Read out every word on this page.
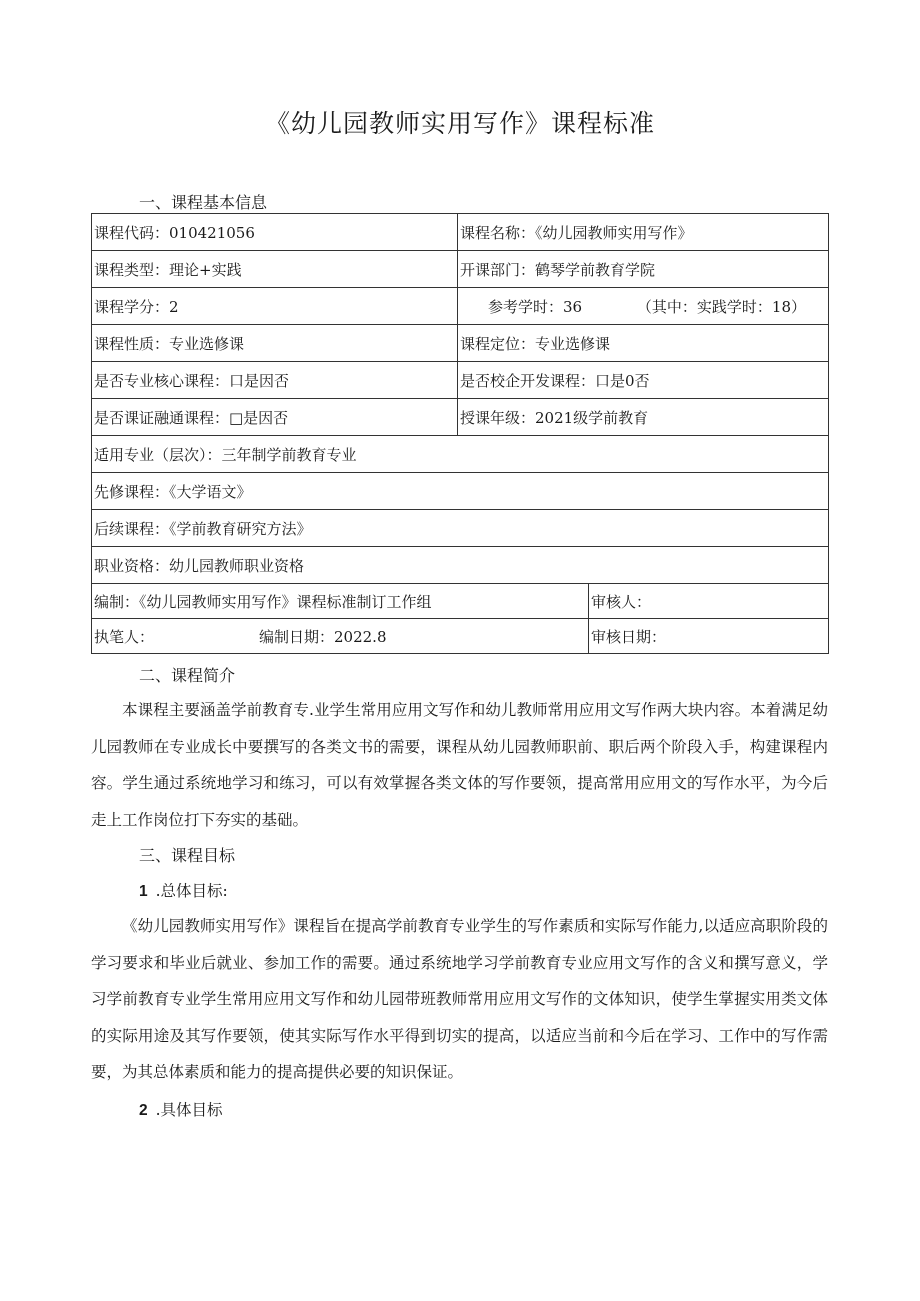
《幼儿园教师实用写作》课程标准
一、课程基本信息
课程代码：010421056	课程名称：《幼儿园教师实用写作》	
课程类型：理论+实践	开课部门：鹤琴学前教育学院	
课程学分：2	参考学时：36 （其中：实践学时：18）	

课程性质：专业选修课	课程定位：专业选修课	
是否专业核心课程：口是因否	是否校企开发课程：口是0否	
是否课证融通课程：□是因否	授课年级：2021级学前教育	
适用专业（层次）：三年制学前教育专业		
先修课程：《大学语文》		
后续课程：《学前教育研究方法》		
职业资格：幼儿园教师职业资格		
编制：《幼儿园教师实用写作》课程标准制订工作组		审核人：

执笔人： 编制日期：2022.8		审核日期：
二、课程简介

本课程主要涵盖学前教育专.业学生常用应用文写作和幼儿教师常用应用文写作两大块内容。本着满足幼儿园教师在专业成长中要撰写的各类文书的需要，课程从幼儿园教师职前、职后两个阶段入手，构建课程内容。学生通过系统地学习和练习，可以有效掌握各类文体的写作要领，提高常用应用文的写作水平，为今后走上工作岗位打下夯实的基础。

三、课程目标
1 .总体目标:

《幼儿园教师实用写作》课程旨在提高学前教育专业学生的写作素质和实际写作能力,以适应高职阶段的学习要求和毕业后就业、参加工作的需要。通过系统地学习学前教育专业应用文写作的含义和撰写意义，学习学前教育专业学生常用应用文写作和幼儿园带班教师常用应用文写作的文体知识，使学生掌握实用类文体的实际用途及其写作要领，使其实际写作水平得到切实的提高，以适应当前和今后在学习、工作中的写作需要，为其总体素质和能力的提高提供必要的知识保证。

2 .具体目标
